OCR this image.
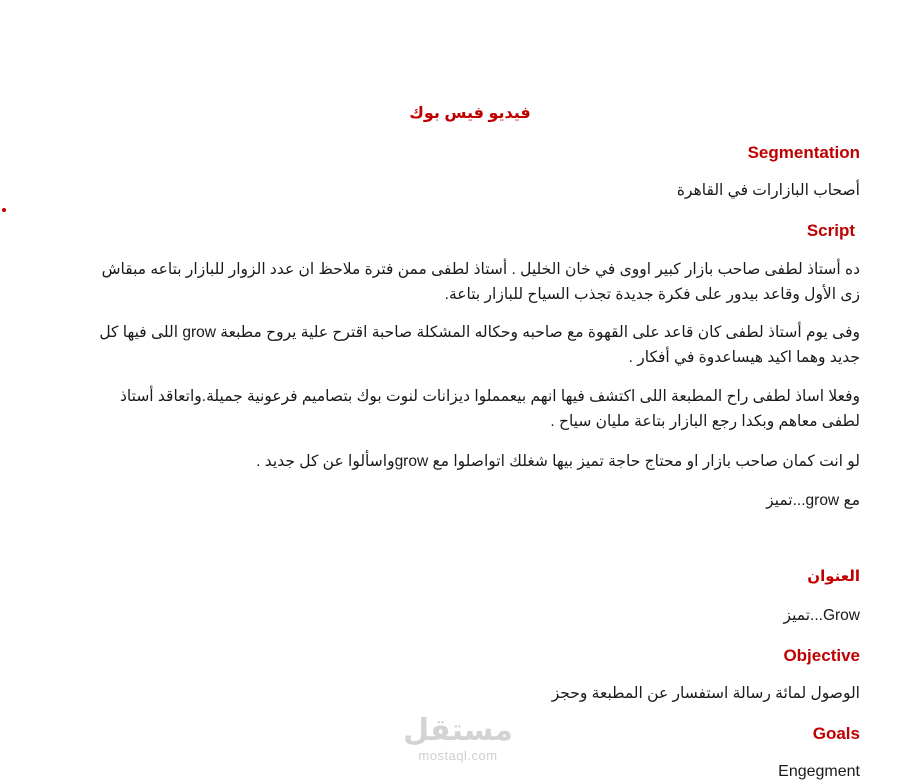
فيديو فيس بوك
Segmentation
أصحاب البازارات في القاهرة
Script
ده أستاذ لطفى صاحب بازار كبير اووى في خان الخليل . أستاذ لطفى ممن فترة ملاحظ ان عدد الزوار للبازار بتاعه مبقاش زى الأول وقاعد بيدور على فكرة جديدة تجذب السياح للبازار بتاعة.
وفى يوم أستاذ لطفى كان قاعد على القهوة مع صاحبه وحكاله المشكلة صاحبة اقترح علية يروح مطبعة grow اللى فيها كل جديد وهما اكيد هيساعدوة في أفكار .
وفعلا اساذ لطفى راح المطبعة اللى اكتشف فيها انهم بيعمملوا ديزانات لنوت بوك بتصاميم فرعونية جميلة.واتعاقد أستاذ لطفى معاهم وبكدا رجع البازار بتاعة مليان سياح .
لو انت كمان صاحب بازار او محتاج حاجة تميز بيها شغلك اتواصلوا مع growواسألوا عن كل جديد .
مع grow...تميز
العنوان
Grow...تميز
Objective
الوصول لمائة رسالة استفسار عن المطبعة وحجز
Goals
Engegment
مستقل
mostaql.com
